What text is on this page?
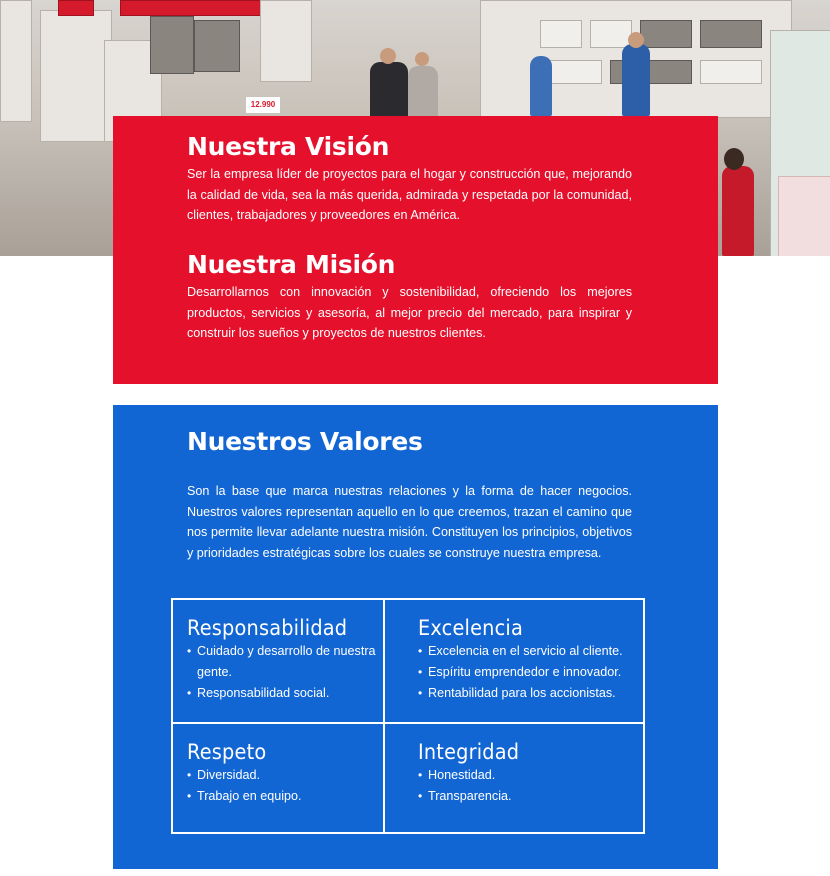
12.990
Nuestra Visión

Ser la empresa líder de proyectos para el hogar y construcción que, mejorando la calidad de vida, sea la más querida, admirada y respetada por la comunidad, clientes, trabajadores y proveedores en América.

Nuestra Misión

Desarrollarnos con innovación y sostenibilidad, ofreciendo los mejores productos, servicios y asesoría, al mejor precio del mercado, para inspirar y construir los sueños y proyectos de nuestros clientes.

Nuestros Valores

Son la base que marca nuestras relaciones y la forma de hacer negocios. Nuestros valores representan aquello en lo que creemos, trazan el camino que nos permite llevar adelante nuestra misión. Constituyen los principios, objetivos y prioridades estratégicas sobre los cuales se construye nuestra empresa.

Responsabilidad
• Cuidado y desarrollo de nuestra gente.
• Responsabilidad social.
Excelencia
• Excelencia en el servicio al cliente.
• Espíritu emprendedor e innovador.
• Rentabilidad para los accionistas.
Respeto
• Diversidad.
• Trabajo en equipo.
Integridad
• Honestidad.
• Transparencia.
